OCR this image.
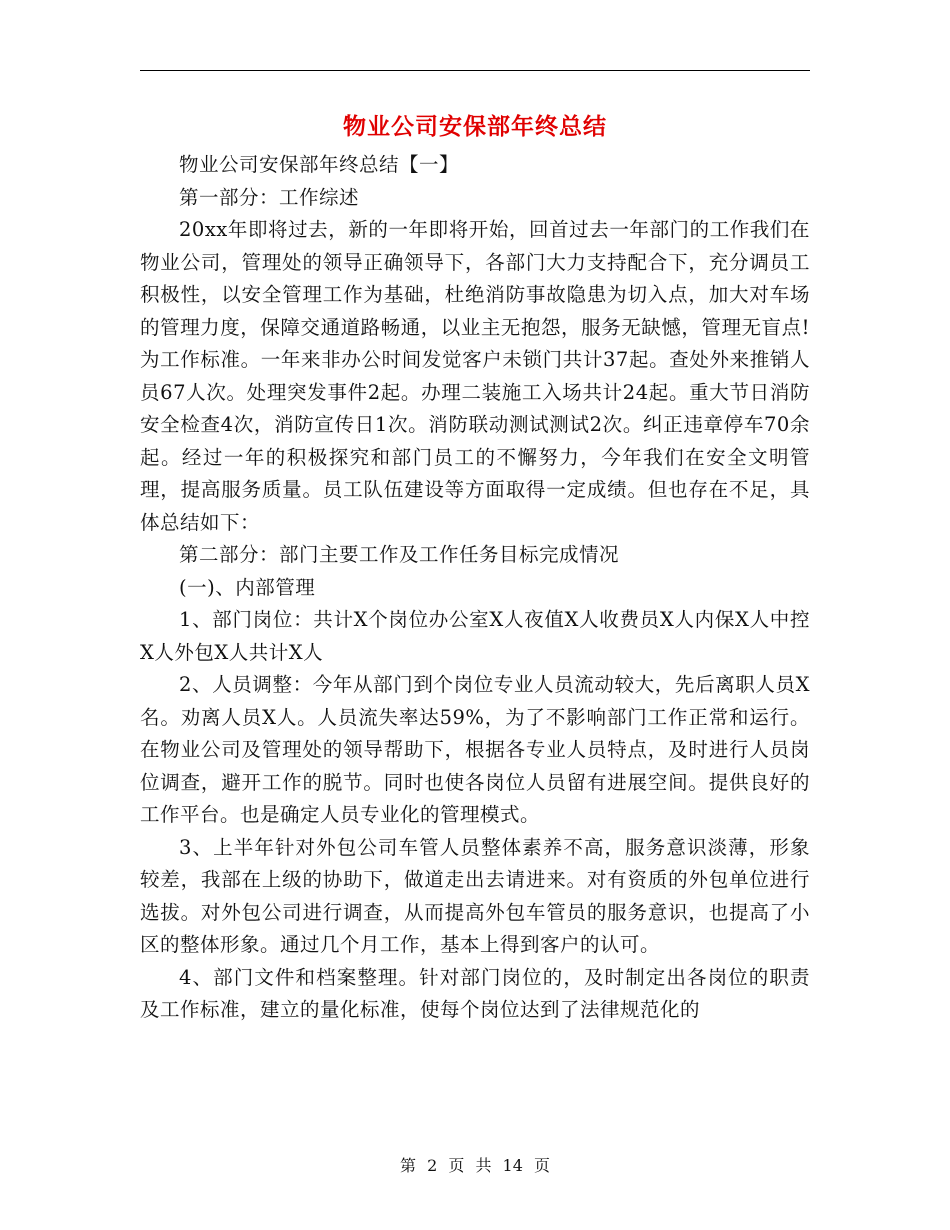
物业公司安保部年终总结

物业公司安保部年终总结【一】

第一部分：工作综述

20xx年即将过去，新的一年即将开始，回首过去一年部门的工作我们在物业公司，管理处的领导正确领导下，各部门大力支持配合下，充分调员工积极性，以安全管理工作为基础，杜绝消防事故隐患为切入点，加大对车场的管理力度，保障交通道路畅通，以业主无抱怨，服务无缺憾，管理无盲点!为工作标准。一年来非办公时间发觉客户未锁门共计37起。查处外来推销人员67人次。处理突发事件2起。办理二装施工入场共计24起。重大节日消防安全检查4次，消防宣传日1次。消防联动测试测试2次。纠正违章停车70余起。经过一年的积极探究和部门员工的不懈努力，今年我们在安全文明管理，提高服务质量。员工队伍建设等方面取得一定成绩。但也存在不足，具体总结如下：

第二部分：部门主要工作及工作任务目标完成情况

(一)、内部管理

1、部门岗位：共计X个岗位办公室X人夜值X人收费员X人内保X人中控X人外包X人共计X人

2、人员调整：今年从部门到个岗位专业人员流动较大，先后离职人员X名。劝离人员X人。人员流失率达59%，为了不影响部门工作正常和运行。在物业公司及管理处的领导帮助下，根据各专业人员特点，及时进行人员岗位调查，避开工作的脱节。同时也使各岗位人员留有进展空间。提供良好的工作平台。也是确定人员专业化的管理模式。

3、上半年针对外包公司车管人员整体素养不高，服务意识淡薄，形象较差，我部在上级的协助下，做道走出去请进来。对有资质的外包单位进行选拔。对外包公司进行调查，从而提高外包车管员的服务意识，也提高了小区的整体形象。通过几个月工作，基本上得到客户的认可。

4、部门文件和档案整理。针对部门岗位的，及时制定出各岗位的职责及工作标准，建立的量化标准，使每个岗位达到了法律规范化的

第 2 页 共 14 页
